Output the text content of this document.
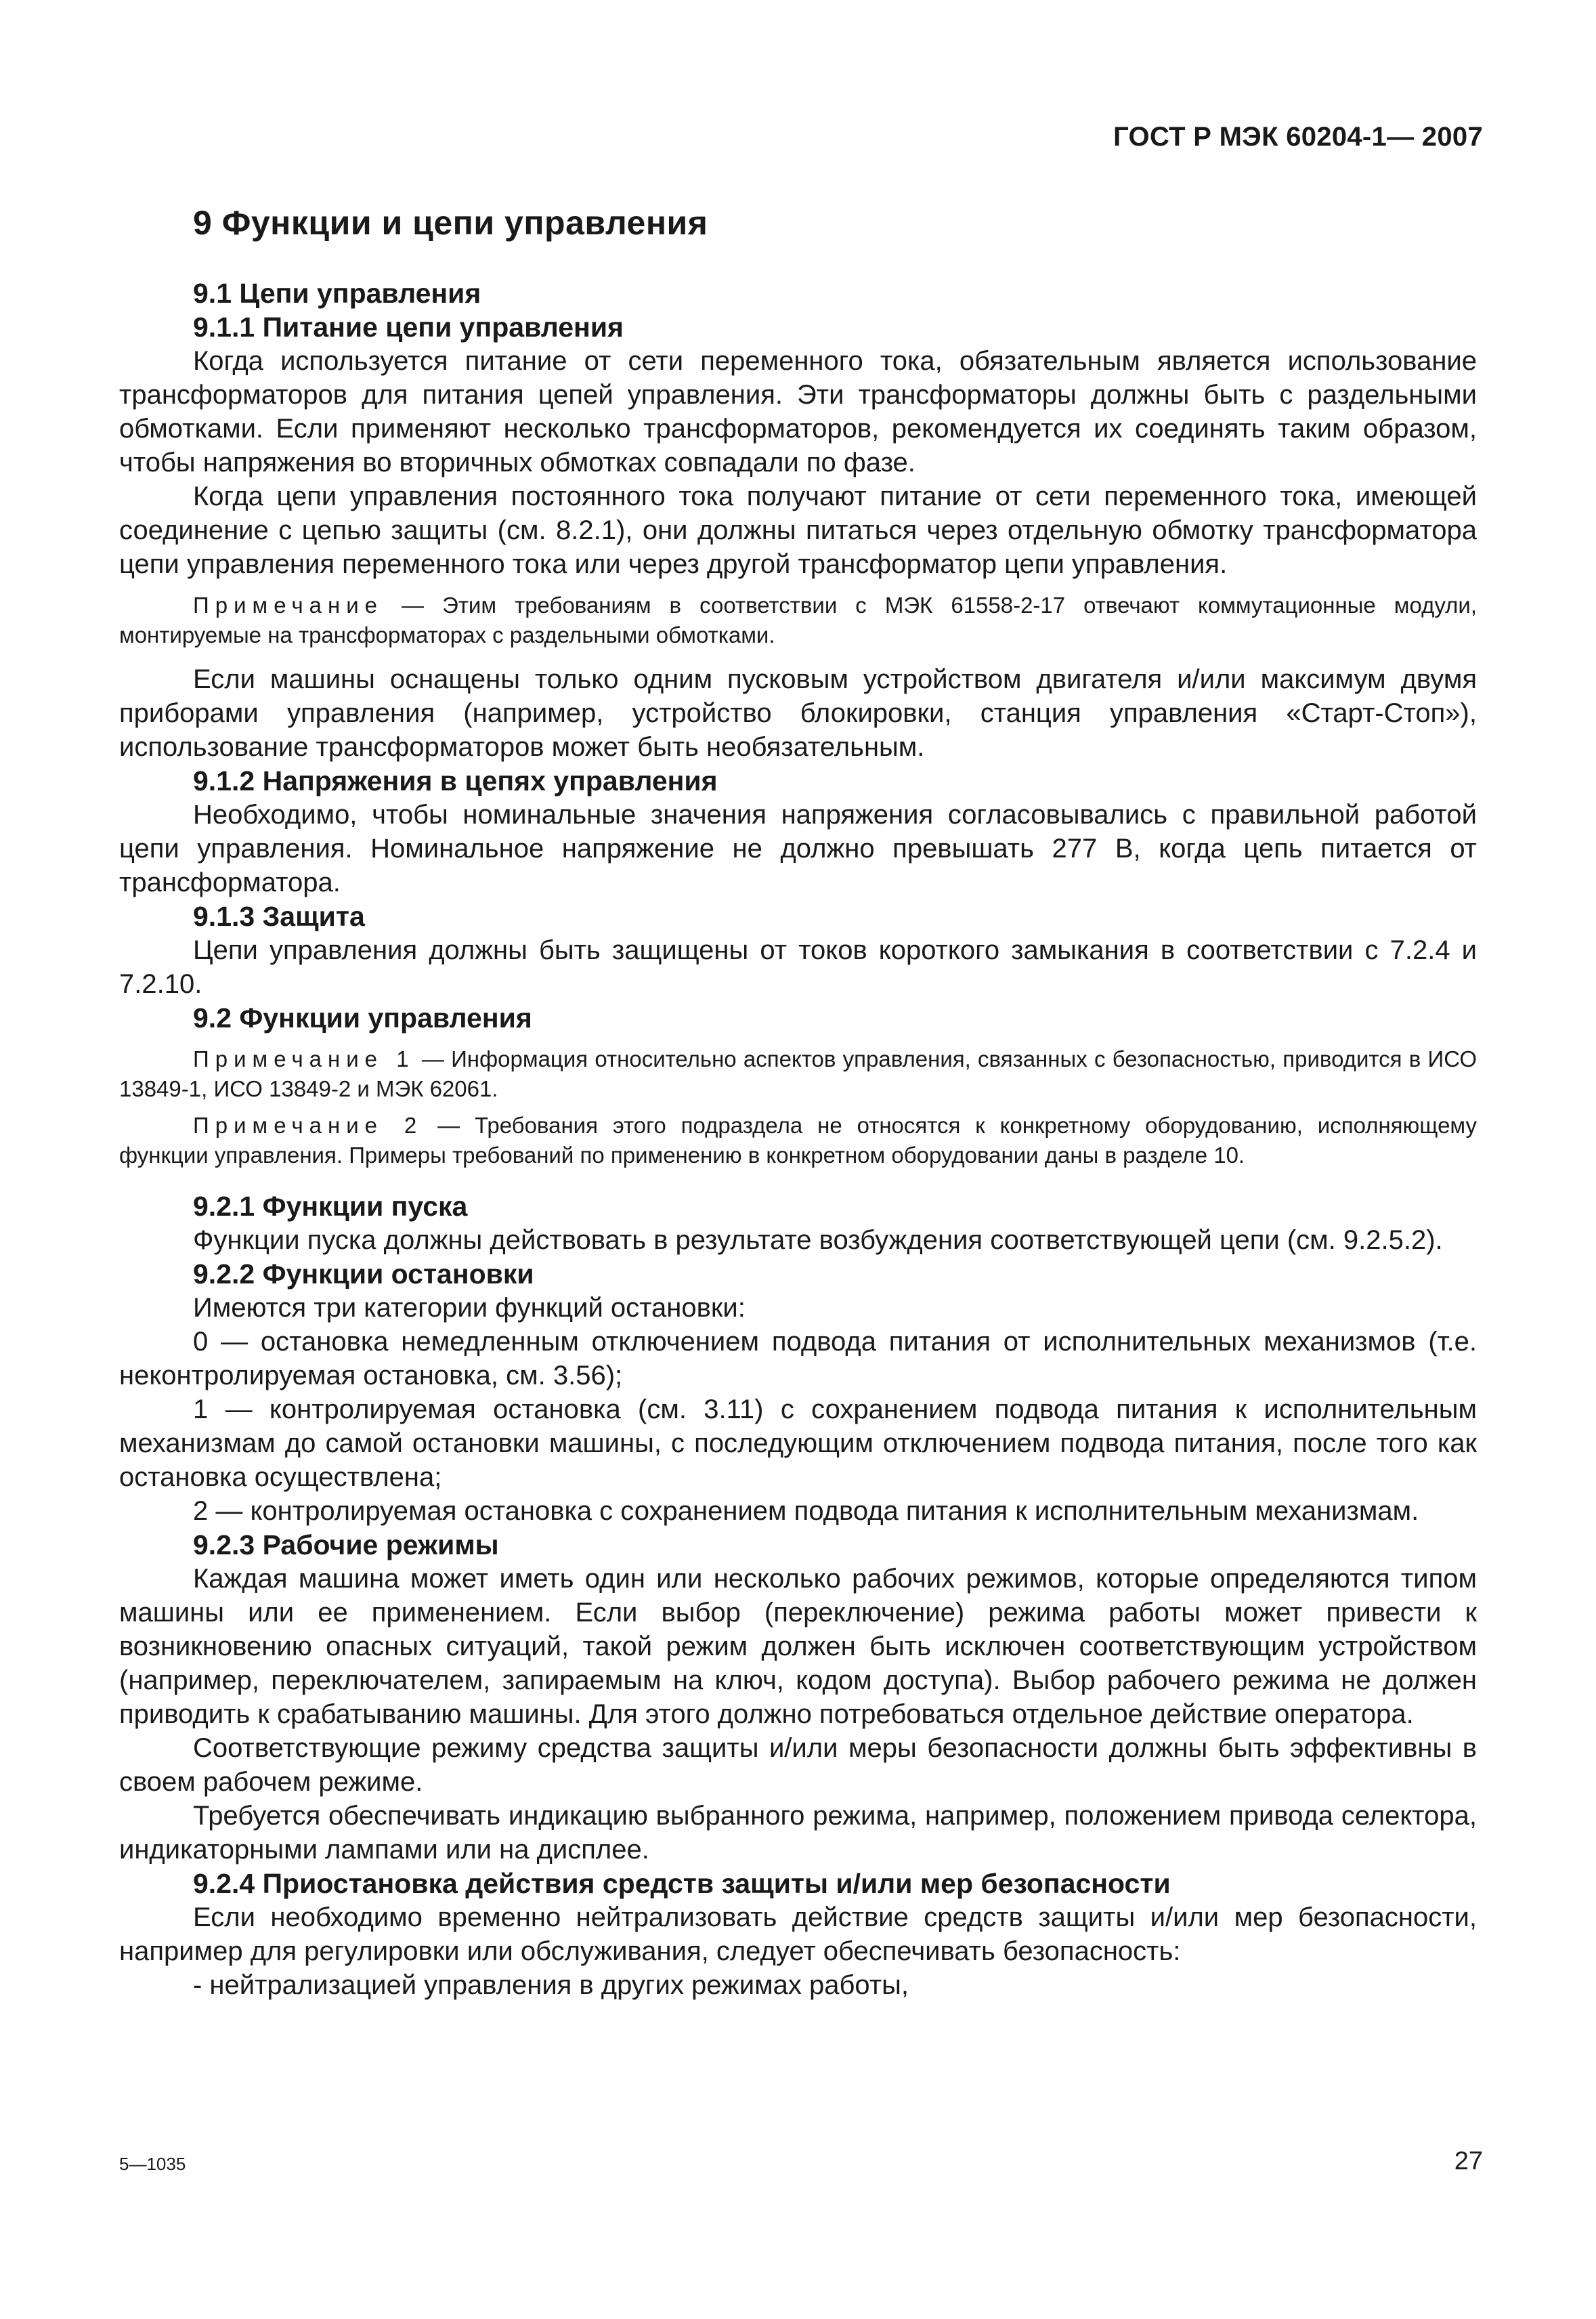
ГОСТ Р МЭК 60204-1— 2007
9 Функции и цепи управления
9.1 Цепи управления
9.1.1 Питание цепи управления

Когда используется питание от сети переменного тока, обязательным является использование трансформаторов для питания цепей управления. Эти трансформаторы должны быть с раздельными обмотками. Если применяют несколько трансформаторов, рекомендуется их соединять таким образом, чтобы напряжения во вторичных обмотках совпадали по фазе.

Когда цепи управления постоянного тока получают питание от сети переменного тока, имеющей соединение с цепью защиты (см. 8.2.1), они должны питаться через отдельную обмотку трансформатора цепи управления переменного тока или через другой трансформатор цепи управления.

Примечание — Этим требованиям в соответствии с МЭК 61558-2-17 отвечают коммутационные модули, монтируемые на трансформаторах с раздельными обмотками.

Если машины оснащены только одним пусковым устройством двигателя и/или максимум двумя приборами управления (например, устройство блокировки, станция управления «Старт-Стоп»), использование трансформаторов может быть необязательным.

9.1.2 Напряжения в цепях управления

Необходимо, чтобы номинальные значения напряжения согласовывались с правильной работой цепи управления. Номинальное напряжение не должно превышать 277 В, когда цепь питается от трансформатора.

9.1.3 Защита

Цепи управления должны быть защищены от токов короткого замыкания в соответствии с 7.2.4 и 7.2.10.

9.2 Функции управления
Примечание 1 — Информация относительно аспектов управления, связанных с безопасностью, приводится в ИСО 13849-1, ИСО 13849-2 и МЭК 62061.
Примечание 2 — Требования этого подраздела не относятся к конкретному оборудованию, исполняющему функции управления. Примеры требований по применению в конкретном оборудовании даны в разделе 10.
9.2.1 Функции пуска

Функции пуска должны действовать в результате возбуждения соответствующей цепи (см. 9.2.5.2).

9.2.2 Функции остановки

Имеются три категории функций остановки:

0 — остановка немедленным отключением подвода питания от исполнительных механизмов (т.е. неконтролируемая остановка, см. 3.56);

1 — контролируемая остановка (см. 3.11) с сохранением подвода питания к исполнительным механизмам до самой остановки машины, с последующим отключением подвода питания, после того как остановка осуществлена;

2 — контролируемая остановка с сохранением подвода питания к исполнительным механизмам.

9.2.3 Рабочие режимы

Каждая машина может иметь один или несколько рабочих режимов, которые определяются типом машины или ее применением. Если выбор (переключение) режима работы может привести к возникновению опасных ситуаций, такой режим должен быть исключен соответствующим устройством (например, переключателем, запираемым на ключ, кодом доступа). Выбор рабочего режима не должен приводить к срабатыванию машины. Для этого должно потребоваться отдельное действие оператора.

Соответствующие режиму средства защиты и/или меры безопасности должны быть эффективны в своем рабочем режиме.

Требуется обеспечивать индикацию выбранного режима, например, положением привода селектора, индикаторными лампами или на дисплее.

9.2.4 Приостановка действия средств защиты и/или мер безопасности

Если необходимо временно нейтрализовать действие средств защиты и/или мер безопасности, например для регулировки или обслуживания, следует обеспечивать безопасность:

- нейтрализацией управления в других режимах работы,

5—1035	27
